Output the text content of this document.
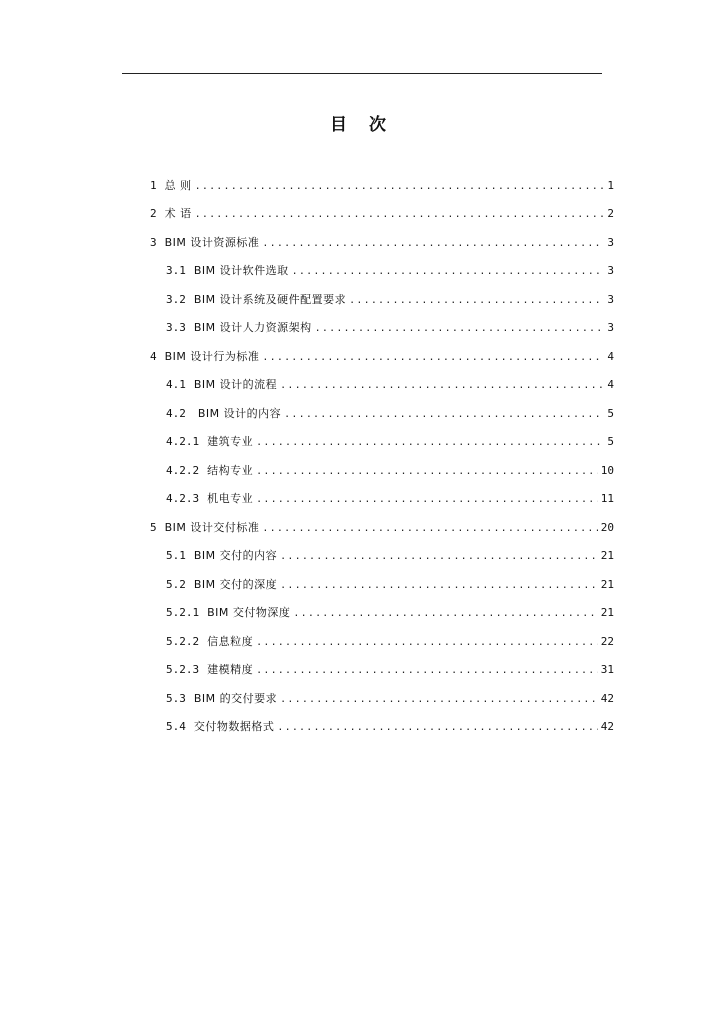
目 次
1 总 则 .....	1
2 术 语 .....	2
3 BIM 设计资源标准 .....	3
3.1 BIM 设计软件选取 .....	3
3.2 BIM 设计系统及硬件配置要求 .....	3
3.3 BIM 设计人力资源架构 .....	3
4 BIM 设计行为标准 .....	4
4.1 BIM 设计的流程 .....	4
4.2 BIM 设计的内容 .....	5
4.2.1 建筑专业 .....	5
4.2.2 结构专业 .....	10
4.2.3 机电专业 .....	11
5 BIM 设计交付标准 .....	20
5.1 BIM 交付的内容 .....	21
5.2 BIM 交付的深度 .....	21
5.2.1 BIM 交付物深度 .....	21
5.2.2 信息粒度 .....	22
5.2.3 建模精度 .....	31
5.3 BIM 的交付要求 .....	42
5.4 交付物数据格式 .....	42
